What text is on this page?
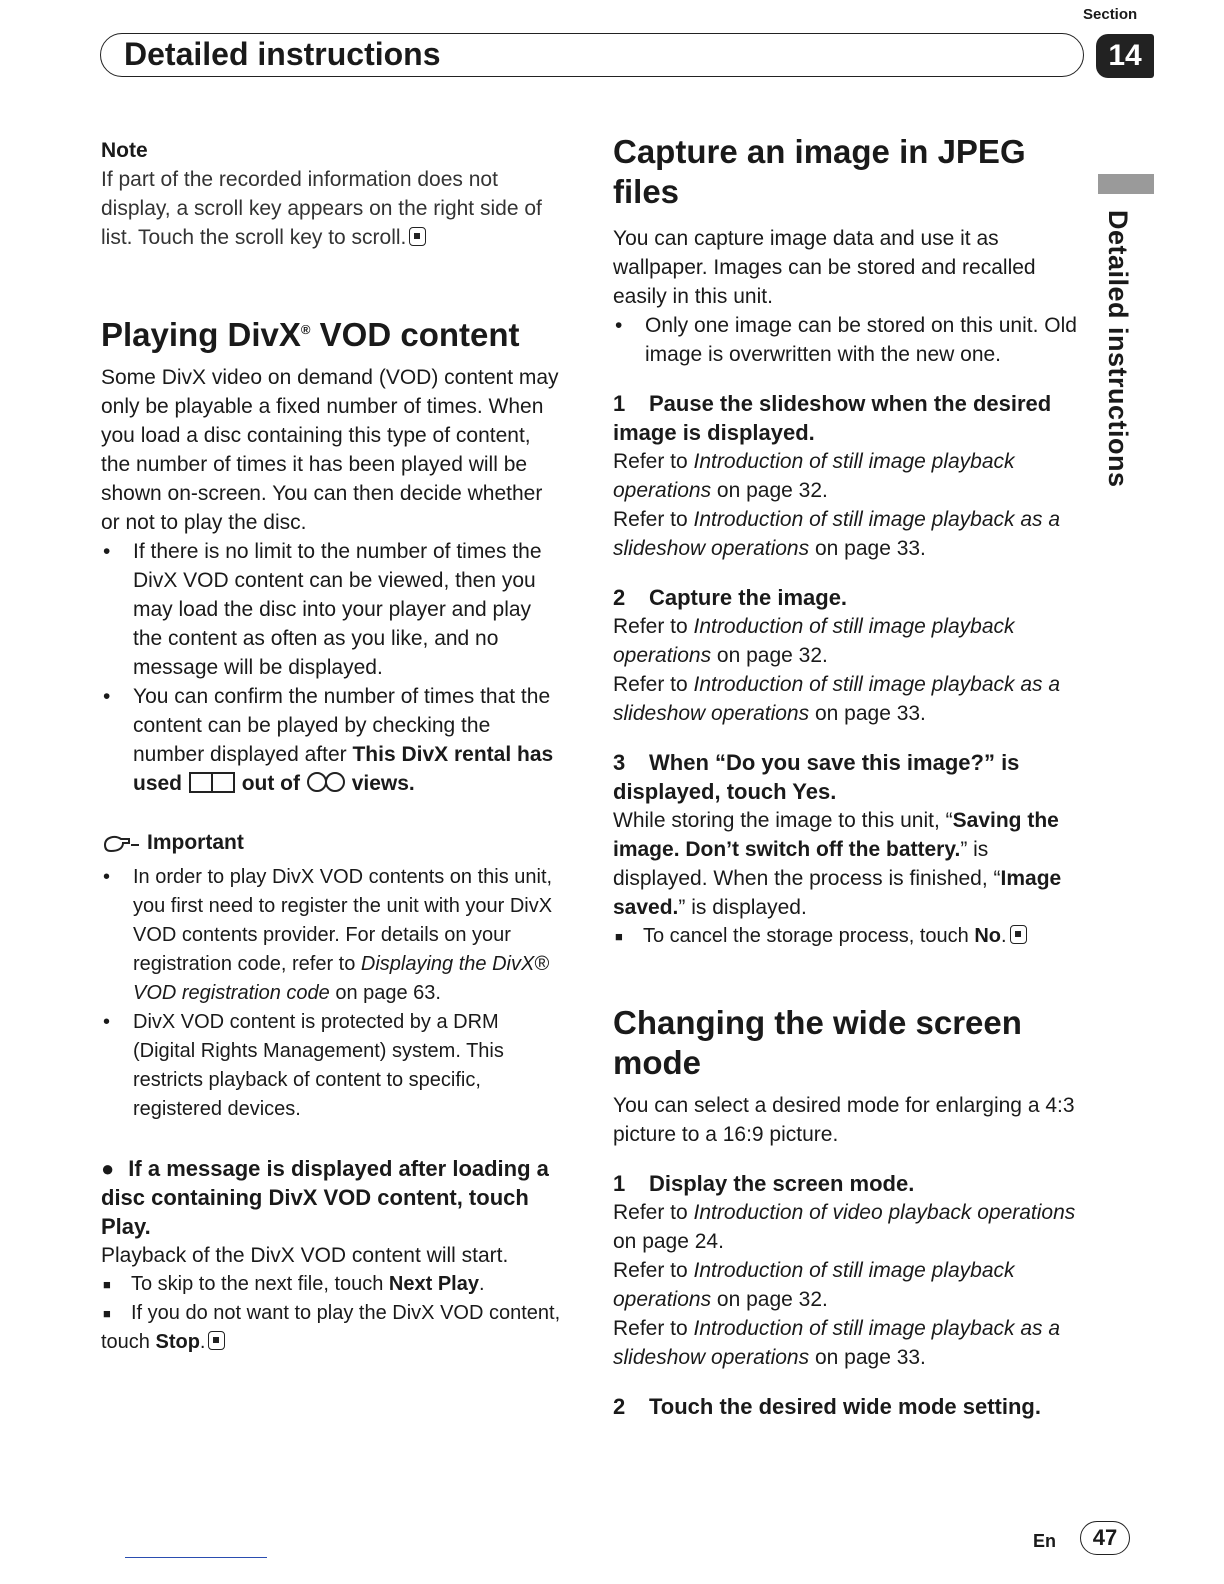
Section
Detailed instructions	14
Detailed instructions

Note

If part of the recorded information does not display, a scroll key appears on the right side of list. Touch the scroll key to scroll.

Playing DivX® VOD content

Some DivX video on demand (VOD) content may only be playable a fixed number of times. When you load a disc containing this type of content, the number of times it has been played will be shown on-screen. You can then decide whether or not to play the disc.

• If there is no limit to the number of times the DivX VOD content can be viewed, then you may load the disc into your player and play the content as often as you like, and no message will be displayed.
• You can confirm the number of times that the content can be played by checking the number displayed after This DivX rental has used	out of views.
Important
• In order to play DivX VOD contents on this unit, you first need to register the unit with your DivX VOD contents provider. For details on your registration code, refer to Displaying the DivX® VOD registration code on page 63.
• DivX VOD content is protected by a DRM (Digital Rights Management) system. This restricts playback of content to specific, registered devices.

● If a message is displayed after loading a disc containing DivX VOD content, touch Play.

Playback of the DivX VOD content will start.

■ To skip to the next file, touch Next Play.
■ If you do not want to play the DivX VOD content, touch Stop.
Capture an image in JPEG files

You can capture image data and use it as wallpaper. Images can be stored and recalled easily in this unit.

• Only one image can be stored on this unit. Old image is overwritten with the new one.

1 Pause the slideshow when the desired image is displayed.

Refer to Introduction of still image playback operations on page 32.

Refer to Introduction of still image playback as a slideshow operations on page 33.

2 Capture the image.

Refer to Introduction of still image playback operations on page 32.

Refer to Introduction of still image playback as a slideshow operations on page 33.

3 When “Do you save this image?” is displayed, touch Yes.

While storing the image to this unit, “Saving the image. Don’t switch off the battery.” is displayed. When the process is finished, “Image saved.” is displayed.

■ To cancel the storage process, touch No.
Changing the wide screen mode

You can select a desired mode for enlarging a 4:3 picture to a 16:9 picture.

1 Display the screen mode.

Refer to Introduction of video playback operations on page 24.

Refer to Introduction of still image playback operations on page 32.

Refer to Introduction of still image playback as a slideshow operations on page 33.

2 Touch the desired wide mode setting.

En	47
